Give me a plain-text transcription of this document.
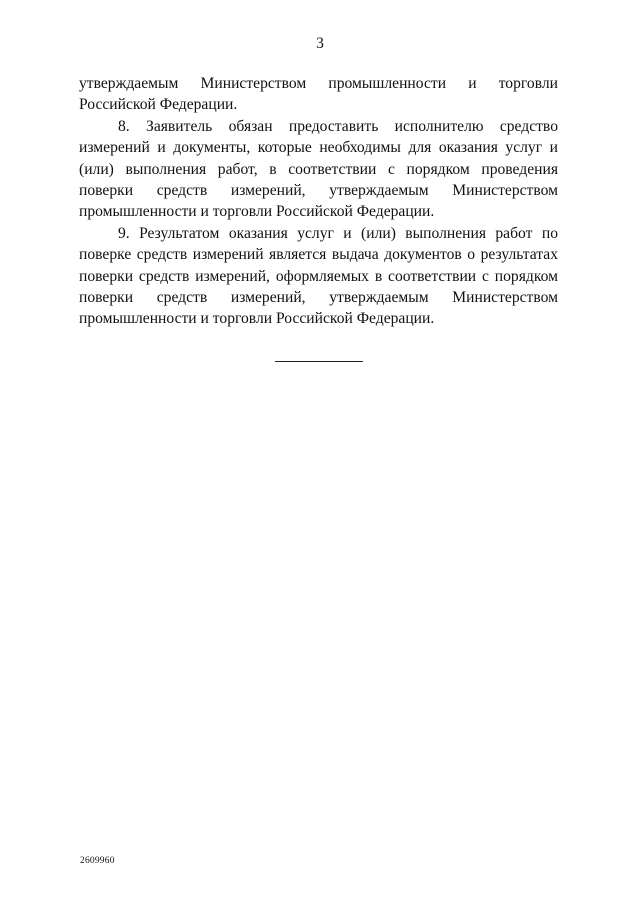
3

утверждаемым Министерством промышленности и торговли Российской Федерации.

8. Заявитель обязан предоставить исполнителю средство измерений и документы, которые необходимы для оказания услуг и (или) выполнения работ, в соответствии с порядком проведения поверки средств измерений, утверждаемым Министерством промышленности и торговли Российской Федерации.

9. Результатом оказания услуг и (или) выполнения работ по поверке средств измерений является выдача документов о результатах поверки средств измерений, оформляемых в соответствии с порядком поверки средств измерений, утверждаемым Министерством промышленности и торговли Российской Федерации.

2609960
